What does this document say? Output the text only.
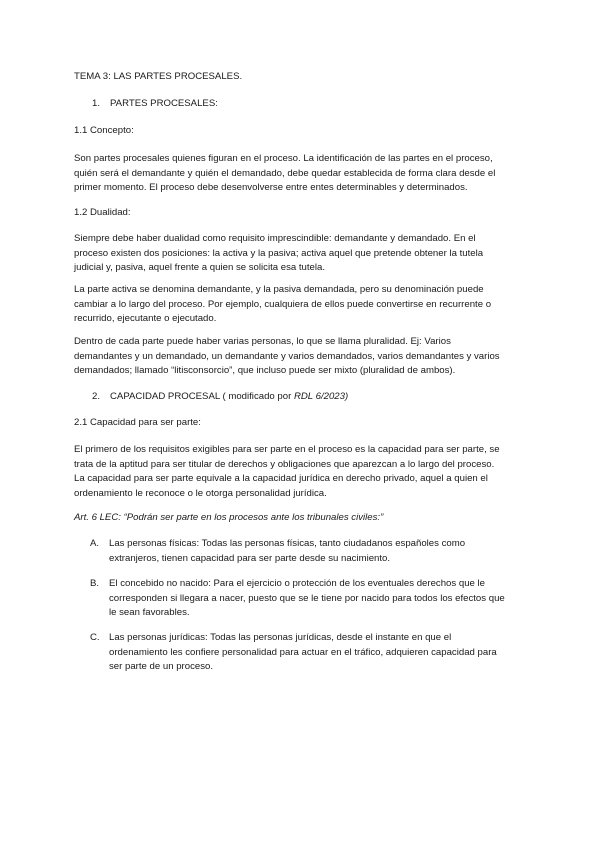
TEMA 3: LAS PARTES PROCESALES.
1. PARTES PROCESALES:
1.1 Concepto:
Son partes procesales quienes figuran en el proceso. La identificación de las partes en el proceso,
quién será el demandante y quién el demandado, debe quedar establecida de forma clara desde el
primer momento. El proceso debe desenvolverse entre entes determinables y determinados.
1.2 Dualidad:
Siempre debe haber dualidad como requisito imprescindible: demandante y demandado. En el
proceso existen dos posiciones: la activa y la pasiva; activa aquel que pretende obtener la tutela
judicial y, pasiva, aquel frente a quien se solicita esa tutela.
La parte activa se denomina demandante, y la pasiva demandada, pero su denominación puede
cambiar a lo largo del proceso. Por ejemplo, cualquiera de ellos puede convertirse en recurrente o
recurrido, ejecutante o ejecutado.
Dentro de cada parte puede haber varias personas, lo que se llama pluralidad. Ej: Varios
demandantes y un demandado, un demandante y varios demandados, varios demandantes y varios
demandados; llamado “litisconsorcio”, que incluso puede ser mixto (pluralidad de ambos).
2. CAPACIDAD PROCESAL ( modificado por RDL 6/2023)
2.1 Capacidad para ser parte:
El primero de los requisitos exigibles para ser parte en el proceso es la capacidad para ser parte, se
trata de la aptitud para ser titular de derechos y obligaciones que aparezcan a lo largo del proceso.
La capacidad para ser parte equivale a la capacidad jurídica en derecho privado, aquel a quien el
ordenamiento le reconoce o le otorga personalidad jurídica.
Art. 6 LEC: “Podrán ser parte en los procesos ante los tribunales civiles:”
A. Las personas físicas: Todas las personas físicas, tanto ciudadanos españoles como
extranjeros, tienen capacidad para ser parte desde su nacimiento.
B. El concebido no nacido: Para el ejercicio o protección de los eventuales derechos que le
corresponden si llegara a nacer, puesto que se le tiene por nacido para todos los efectos que
le sean favorables.
C. Las personas jurídicas: Todas las personas jurídicas, desde el instante en que el
ordenamiento les confiere personalidad para actuar en el tráfico, adquieren capacidad para
ser parte de un proceso.
